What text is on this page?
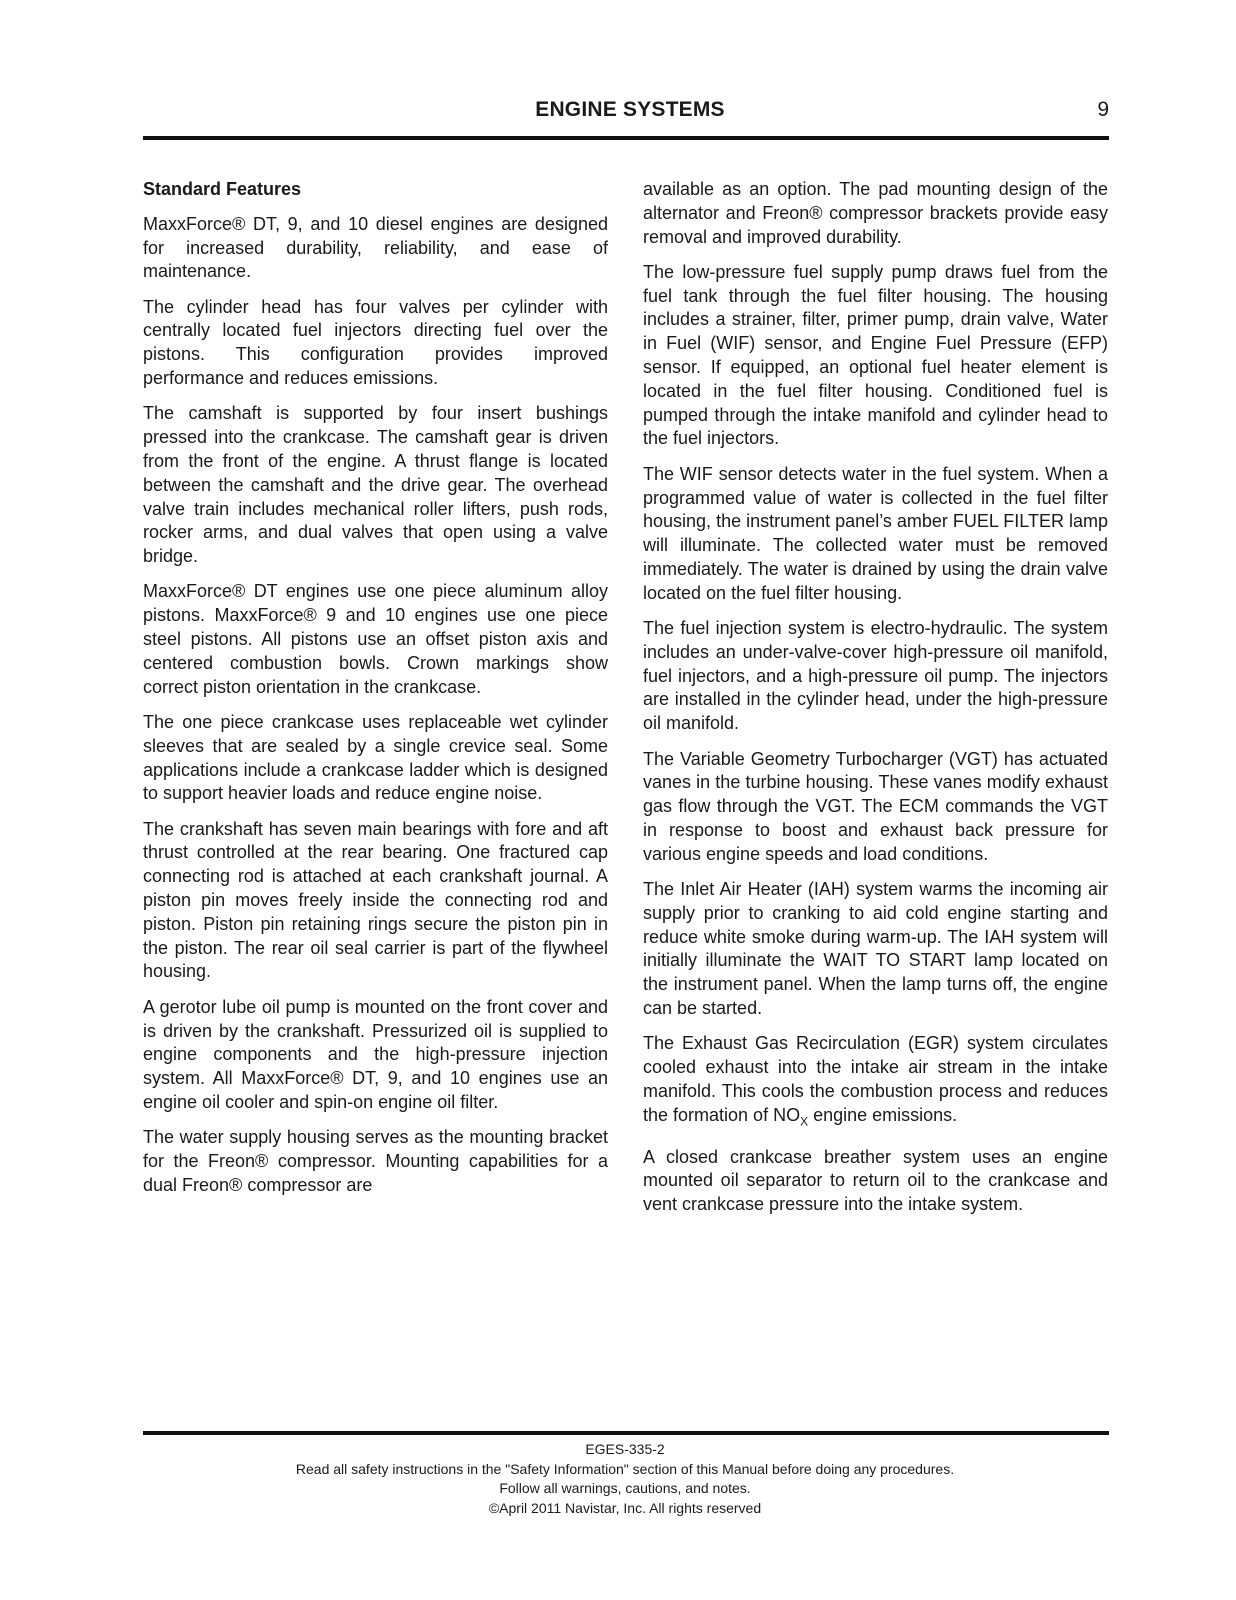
ENGINE SYSTEMS	9
Standard Features

MaxxForce® DT, 9, and 10 diesel engines are designed for increased durability, reliability, and ease of maintenance.

The cylinder head has four valves per cylinder with centrally located fuel injectors directing fuel over the pistons. This configuration provides improved performance and reduces emissions.

The camshaft is supported by four insert bushings pressed into the crankcase. The camshaft gear is driven from the front of the engine. A thrust flange is located between the camshaft and the drive gear. The overhead valve train includes mechanical roller lifters, push rods, rocker arms, and dual valves that open using a valve bridge.

MaxxForce® DT engines use one piece aluminum alloy pistons. MaxxForce® 9 and 10 engines use one piece steel pistons. All pistons use an offset piston axis and centered combustion bowls. Crown markings show correct piston orientation in the crankcase.

The one piece crankcase uses replaceable wet cylinder sleeves that are sealed by a single crevice seal. Some applications include a crankcase ladder which is designed to support heavier loads and reduce engine noise.

The crankshaft has seven main bearings with fore and aft thrust controlled at the rear bearing. One fractured cap connecting rod is attached at each crankshaft journal. A piston pin moves freely inside the connecting rod and piston. Piston pin retaining rings secure the piston pin in the piston. The rear oil seal carrier is part of the flywheel housing.

A gerotor lube oil pump is mounted on the front cover and is driven by the crankshaft. Pressurized oil is supplied to engine components and the high-pressure injection system. All MaxxForce® DT, 9, and 10 engines use an engine oil cooler and spin-on engine oil filter.

The water supply housing serves as the mounting bracket for the Freon® compressor. Mounting capabilities for a dual Freon® compressor are

available as an option. The pad mounting design of the alternator and Freon® compressor brackets provide easy removal and improved durability.

The low-pressure fuel supply pump draws fuel from the fuel tank through the fuel filter housing. The housing includes a strainer, filter, primer pump, drain valve, Water in Fuel (WIF) sensor, and Engine Fuel Pressure (EFP) sensor. If equipped, an optional fuel heater element is located in the fuel filter housing. Conditioned fuel is pumped through the intake manifold and cylinder head to the fuel injectors.

The WIF sensor detects water in the fuel system. When a programmed value of water is collected in the fuel filter housing, the instrument panel’s amber FUEL FILTER lamp will illuminate. The collected water must be removed immediately. The water is drained by using the drain valve located on the fuel filter housing.

The fuel injection system is electro-hydraulic. The system includes an under-valve-cover high-pressure oil manifold, fuel injectors, and a high-pressure oil pump. The injectors are installed in the cylinder head, under the high-pressure oil manifold.

The Variable Geometry Turbocharger (VGT) has actuated vanes in the turbine housing. These vanes modify exhaust gas flow through the VGT. The ECM commands the VGT in response to boost and exhaust back pressure for various engine speeds and load conditions.

The Inlet Air Heater (IAH) system warms the incoming air supply prior to cranking to aid cold engine starting and reduce white smoke during warm-up. The IAH system will initially illuminate the WAIT TO START lamp located on the instrument panel. When the lamp turns off, the engine can be started.

The Exhaust Gas Recirculation (EGR) system circulates cooled exhaust into the intake air stream in the intake manifold. This cools the combustion process and reduces the formation of $NO_X$ engine emissions.

A closed crankcase breather system uses an engine mounted oil separator to return oil to the crankcase and vent crankcase pressure into the intake system.

EGES-335-2
Read all safety instructions in the "Safety Information" section of this Manual before doing any procedures.
Follow all warnings, cautions, and notes.
©April 2011 Navistar, Inc. All rights reserved
